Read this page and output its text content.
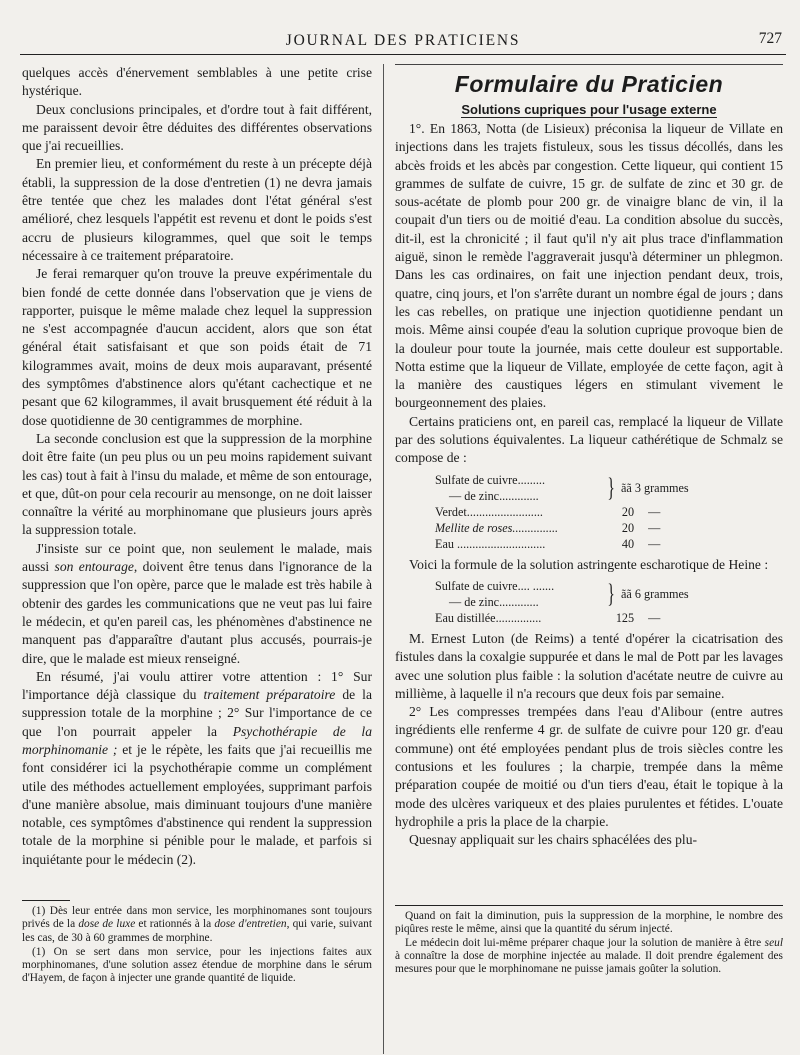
JOURNAL DES PRATICIENS	727

quelques accès d'énervement semblables à une petite crise hystérique.

Deux conclusions principales, et d'ordre tout à fait différent, me paraissent devoir être déduites des différentes observations que j'ai recueillies.

En premier lieu, et conformément du reste à un précepte déjà établi, la suppression de la dose d'entretien (1) ne devra jamais être tentée que chez les malades dont l'état général s'est amélioré, chez lesquels l'appétit est revenu et dont le poids s'est accru de plusieurs kilogrammes, quel que soit le temps nécessaire à ce traitement préparatoire.

Je ferai remarquer qu'on trouve la preuve expérimentale du bien fondé de cette donnée dans l'observation que je viens de rapporter, puisque le même malade chez lequel la suppression ne s'est accompagnée d'aucun accident, alors que son état général était satisfaisant et que son poids était de 71 kilogrammes avait, moins de deux mois auparavant, présenté des symptômes d'abstinence alors qu'étant cachectique et ne pesant que 62 kilogrammes, il avait brusquement été réduit à la dose quotidienne de 30 centigrammes de morphine.

La seconde conclusion est que la suppression de la morphine doit être faite (un peu plus ou un peu moins rapidement suivant les cas) tout à fait à l'insu du malade, et même de son entourage, et que, dût-on pour cela recourir au mensonge, on ne doit laisser connaître la vérité au morphinomane que plusieurs jours après la suppression totale.

J'insiste sur ce point que, non seulement le malade, mais aussi son entourage, doivent être tenus dans l'ignorance de la suppression que l'on opère, parce que le malade est très habile à obtenir des gardes les communications que ne veut pas lui faire le médecin, et qu'en pareil cas, les phénomènes d'abstinence ne manquent pas d'apparaître d'autant plus accusés, pourrais-je dire, que le malade est mieux renseigné.

En résumé, j'ai voulu attirer votre attention : 1° Sur l'importance déjà classique du traitement préparatoire de la suppression totale de la morphine ; 2° Sur l'importance de ce que l'on pourrait appeler la Psychothérapie de la morphinomanie ; et je le répète, les faits que j'ai recueillis me font considérer ici la psychothérapie comme un complément utile des méthodes actuellement employées, supprimant parfois d'une manière absolue, mais diminuant toujours d'une manière notable, ces symptômes d'abstinence qui rendent la suppression totale de la morphine si pénible pour le malade, et parfois si inquiétante pour le médecin (2).

(1) Dès leur entrée dans mon service, les morphinomanes sont toujours privés de la dose de luxe et rationnés à la dose d'entretien, qui varie, suivant les cas, de 30 à 60 grammes de morphine.

(1) On se sert dans mon service, pour les injections faites aux morphinomanes, d'une solution assez étendue de morphine dans le sérum d'Hayem, de façon à injecter une grande quantité de liquide.

Formulaire du Praticien
Solutions cupriques pour l'usage externe

1°. En 1863, Notta (de Lisieux) préconisa la liqueur de Villate en injections dans les trajets fistuleux, sous les tissus décollés, dans les abcès froids et les abcès par congestion. Cette liqueur, qui contient 15 grammes de sulfate de cuivre, 15 gr. de sulfate de zinc et 30 gr. de sous-acétate de plomb pour 200 gr. de vinaigre blanc de vin, il la coupait d'un tiers ou de moitié d'eau. La condition absolue du succès, dit-il, est la chronicité ; il faut qu'il n'y ait plus trace d'inflammation aiguë, sinon le remède l'aggraverait jusqu'à déterminer un phlegmon. Dans les cas ordinaires, on fait une injection pendant deux, trois, quatre, cinq jours, et l'on s'arrête durant un nombre égal de jours ; dans les cas rebelles, on pratique une injection quotidienne pendant un mois. Même ainsi coupée d'eau la solution cuprique provoque bien de la douleur pour toute la journée, mais cette douleur est supportable. Notta estime que la liqueur de Villate, employée de cette façon, agit à la manière des caustiques légers en stimulant vivement le bourgeonnement des plaies.

Certains praticiens ont, en pareil cas, remplacé la liqueur de Villate par des solutions équivalentes. La liqueur cathérétique de Schmalz se compose de :

Sulfate de cuivre.........
— de zinc.............	} ãã 3 grammes
Verdet.........................	20	—
Mellite de roses...............	20	—
Eau .............................	40	—

Voici la formule de la solution astringente escharotique de Heine :

Sulfate de cuivre.... .......
— de zinc.............	} ãã 6 grammes
Eau distillée...............	125	—

M. Ernest Luton (de Reims) a tenté d'opérer la cicatrisation des fistules dans la coxalgie suppurée et dans le mal de Pott par les lavages avec une solution plus faible : la solution d'acétate neutre de cuivre au millième, à laquelle il n'a recours que deux fois par semaine.

2° Les compresses trempées dans l'eau d'Alibour (entre autres ingrédients elle renferme 4 gr. de sulfate de cuivre pour 120 gr. d'eau commune) ont été employées pendant plus de trois siècles contre les contusions et les foulures ; la charpie, trempée dans la même préparation coupée de moitié ou d'un tiers d'eau, était le topique à la mode des ulcères variqueux et des plaies purulentes et fétides. L'ouate hydrophile a pris la place de la charpie.

Quesnay appliquait sur les chairs sphacélées des plu-

Quand on fait la diminution, puis la suppression de la morphine, le nombre des piqûres reste le même, ainsi que la quantité du sérum injecté.

Le médecin doit lui-même préparer chaque jour la solution de manière à être seul à connaître la dose de morphine injectée au malade. Il doit prendre également des mesures pour que le morphinomane ne puisse jamais goûter la solution.
